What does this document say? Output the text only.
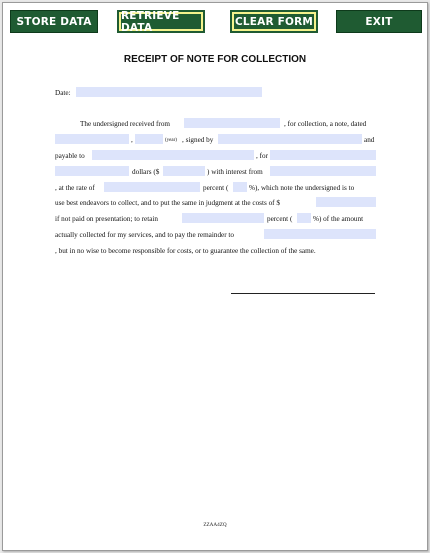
STORE DATA	RETRIEVE DATA	CLEAR FORM	EXIT
RECEIPT OF NOTE FOR COLLECTION
Date:
The undersigned received from	, for collection, a note, dated
,	(year) , signed by	and
payable to	, for
dollars ($	) with interest from
, at the rate of	percent (	%), which note the undersigned is to
use best endeavors to collect, and to put the same in judgment at the costs of $
if not paid on presentation; to retain	percent (	%) of the amount
actually collected for my services, and to pay the remainder to
, but in no wise to become responsible for costs, or to guarantee the collection of the same.
ZZAA4ZQ
